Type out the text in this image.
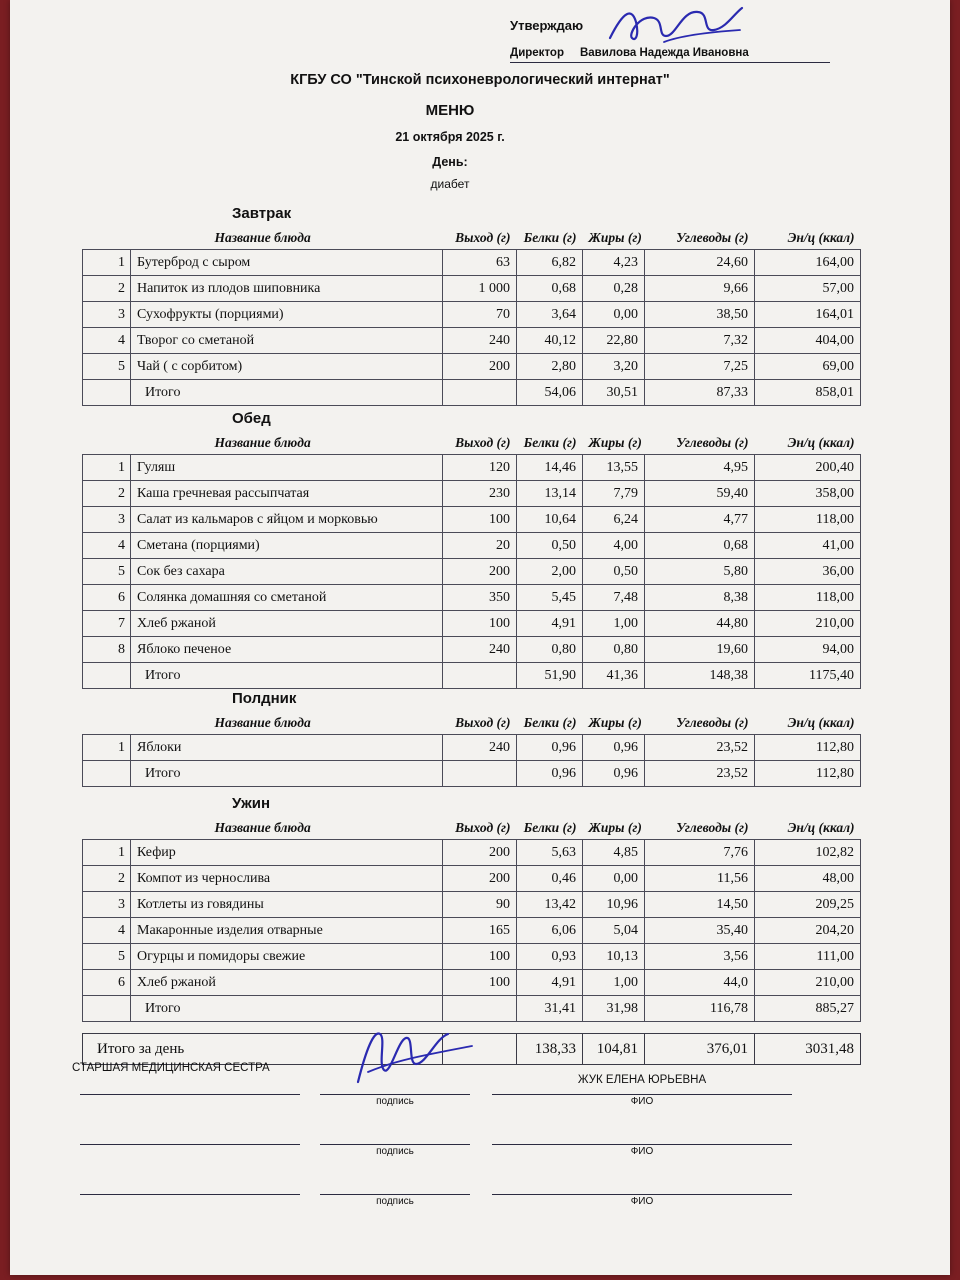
Утверждаю
Директор Вавилова Надежда Ивановна
КГБУ СО "Тинской психоневрологический интернат"
МЕНЮ
21 октября 2025 г.
День:
диабет
Завтрак
	Название блюда	Выход (г)	Белки (г)	Жиры (г)	Углеводы (г)	Эн/ц (ккал)
1	Бутерброд с сыром	63	6,82	4,23	24,60	164,00
2	Напиток из плодов шиповника	1 000	0,68	0,28	9,66	57,00
3	Сухофрукты (порциями)	70	3,64	0,00	38,50	164,01
4	Творог со сметаной	240	40,12	22,80	7,32	404,00
5	Чай ( с сорбитом)	200	2,80	3,20	7,25	69,00
	Итого		54,06	30,51	87,33	858,01
Обед
	Название блюда	Выход (г)	Белки (г)	Жиры (г)	Углеводы (г)	Эн/ц (ккал)
1	Гуляш	120	14,46	13,55	4,95	200,40
2	Каша гречневая рассыпчатая	230	13,14	7,79	59,40	358,00
3	Салат из кальмаров с яйцом и морковью	100	10,64	6,24	4,77	118,00
4	Сметана (порциями)	20	0,50	4,00	0,68	41,00
5	Сок без сахара	200	2,00	0,50	5,80	36,00
6	Солянка домашняя со сметаной	350	5,45	7,48	8,38	118,00
7	Хлеб ржаной	100	4,91	1,00	44,80	210,00
8	Яблоко печеное	240	0,80	0,80	19,60	94,00
	Итого		51,90	41,36	148,38	1175,40
Полдник
	Название блюда	Выход (г)	Белки (г)	Жиры (г)	Углеводы (г)	Эн/ц (ккал)
1	Яблоки	240	0,96	0,96	23,52	112,80
	Итого		0,96	0,96	23,52	112,80
Ужин
	Название блюда	Выход (г)	Белки (г)	Жиры (г)	Углеводы (г)	Эн/ц (ккал)
1	Кефир	200	5,63	4,85	7,76	102,82
2	Компот из чернослива	200	0,46	0,00	11,56	48,00
3	Котлеты из говядины	90	13,42	10,96	14,50	209,25
4	Макаронные изделия отварные	165	6,06	5,04	35,40	204,20
5	Огурцы и помидоры свежие	100	0,93	10,13	3,56	111,00
6	Хлеб ржаной	100	4,91	1,00	44,0	210,00
	Итого		31,41	31,98	116,78	885,27
Итого за день		138,33	104,81	376,01	3031,48
СТАРШАЯ МЕДИЦИНСКАЯ СЕСТРА
подпись
ЖУК ЕЛЕНА ЮРЬЕВНА
ФИО
подпись	ФИО
подпись	ФИО
